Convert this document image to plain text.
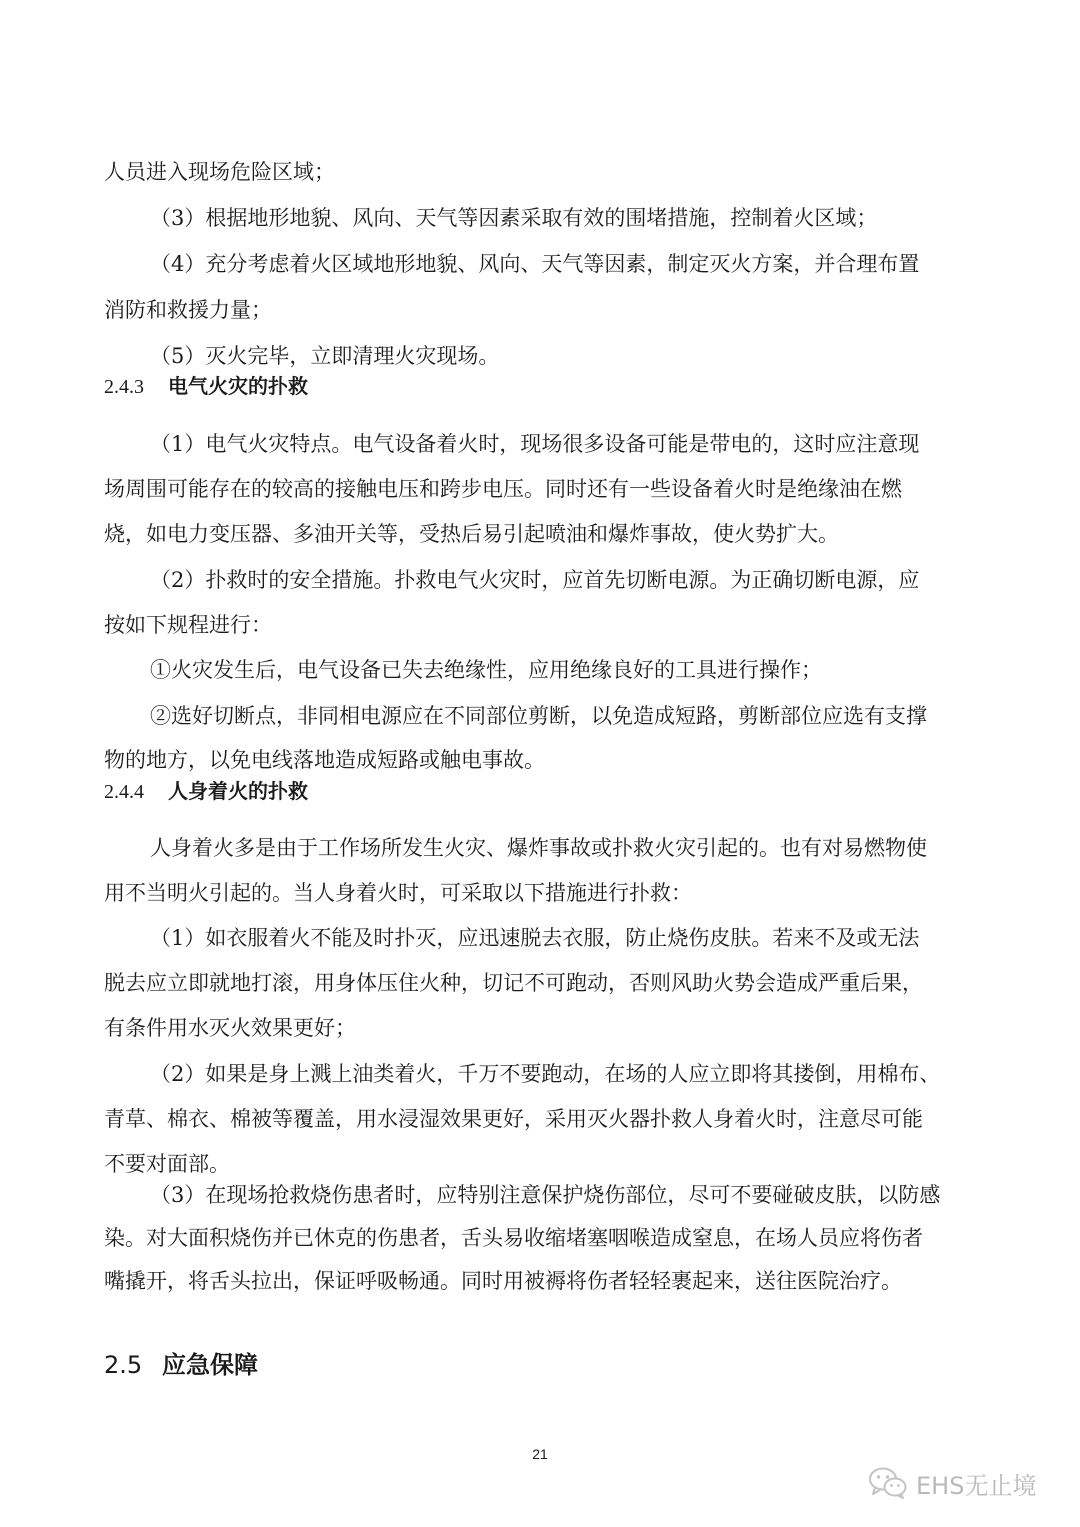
人员进入现场危险区域；
（3）根据地形地貌、风向、天气等因素采取有效的围堵措施，控制着火区域；
（4）充分考虑着火区域地形地貌、风向、天气等因素，制定灭火方案，并合理布置
消防和救援力量；
（5）灭火完毕，立即清理火灾现场。
2.4.3 电气火灾的扑救
（1）电气火灾特点。电气设备着火时，现场很多设备可能是带电的，这时应注意现
场周围可能存在的较高的接触电压和跨步电压。同时还有一些设备着火时是绝缘油在燃
烧，如电力变压器、多油开关等，受热后易引起喷油和爆炸事故，使火势扩大。
（2）扑救时的安全措施。扑救电气火灾时，应首先切断电源。为正确切断电源，应
按如下规程进行：
①火灾发生后，电气设备已失去绝缘性，应用绝缘良好的工具进行操作；
②选好切断点，非同相电源应在不同部位剪断，以免造成短路，剪断部位应选有支撑
物的地方，以免电线落地造成短路或触电事故。
2.4.4 人身着火的扑救
人身着火多是由于工作场所发生火灾、爆炸事故或扑救火灾引起的。也有对易燃物使
用不当明火引起的。当人身着火时，可采取以下措施进行扑救：
（1）如衣服着火不能及时扑灭，应迅速脱去衣服，防止烧伤皮肤。若来不及或无法
脱去应立即就地打滚，用身体压住火种，切记不可跑动，否则风助火势会造成严重后果，
有条件用水灭火效果更好；
（2）如果是身上溅上油类着火，千万不要跑动，在场的人应立即将其搂倒，用棉布、
青草、棉衣、棉被等覆盖，用水浸湿效果更好，采用灭火器扑救人身着火时，注意尽可能
不要对面部。
（3）在现场抢救烧伤患者时，应特别注意保护烧伤部位，尽可不要碰破皮肤，以防感
染。对大面积烧伤并已休克的伤患者，舌头易收缩堵塞咽喉造成窒息，在场人员应将伤者
嘴撬开，将舌头拉出，保证呼吸畅通。同时用被褥将伤者轻轻裹起来，送往医院治疗。
2.5 应急保障
21
EHS无止境
